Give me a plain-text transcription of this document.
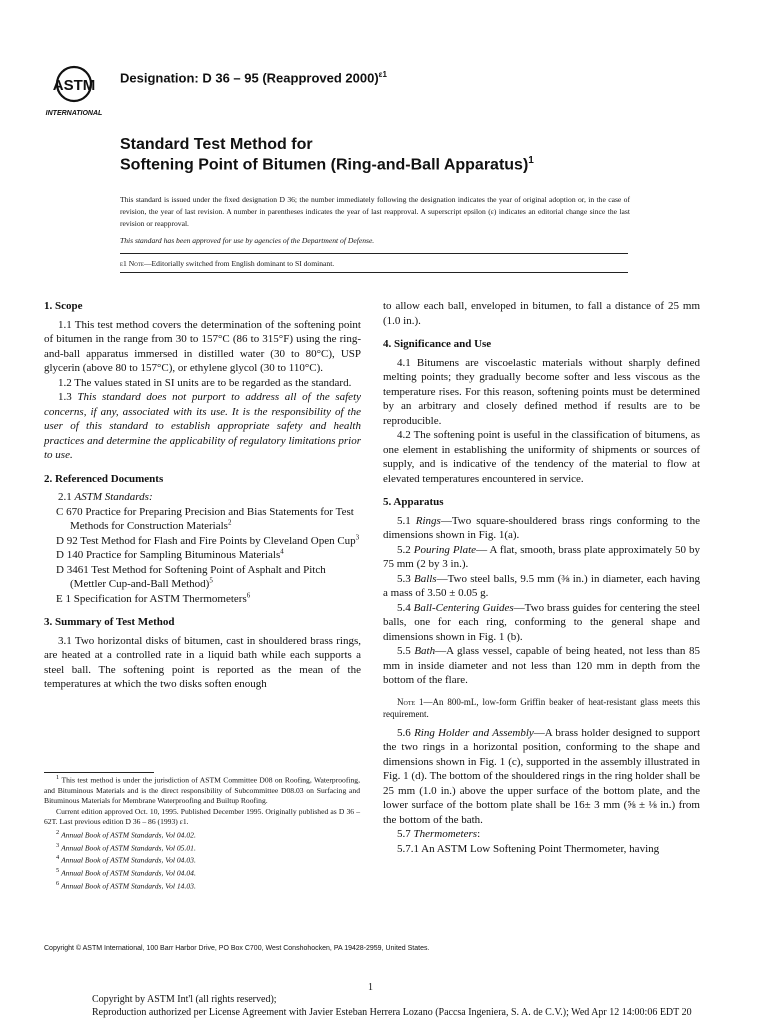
ASTM
INTERNATIONAL
Designation: D 36 – 95 (Reapproved 2000)$^{\varepsilon 1}$
Standard Test Method for
Softening Point of Bitumen (Ring-and-Ball Apparatus)$^1$
This standard is issued under the fixed designation D 36; the number immediately following the designation indicates the year of original adoption or, in the case of revision, the year of last revision. A number in parentheses indicates the year of last reapproval. A superscript epsilon (ε) indicates an editorial change since the last revision or reapproval.
This standard has been approved for use by agencies of the Department of Defense.
ε1 Note—Editorially switched from English dominant to SI dominant.
1. Scope

1.1 This test method covers the determination of the softening point of bitumen in the range from 30 to 157°C (86 to 315°F) using the ring-and-ball apparatus immersed in distilled water (30 to 80°C), USP glycerin (above 80 to 157°C), or ethylene glycol (30 to 110°C).

1.2 The values stated in SI units are to be regarded as the standard.

1.3 This standard does not purport to address all of the safety concerns, if any, associated with its use. It is the responsibility of the user of this standard to establish appropriate safety and health practices and determine the applicability of regulatory limitations prior to use.

2. Referenced Documents

2.1 ASTM Standards:

C 670 Practice for Preparing Precision and Bias Statements for Test Methods for Construction Materials$^2$

D 92 Test Method for Flash and Fire Points by Cleveland Open Cup$^3$

D 140 Practice for Sampling Bituminous Materials$^4$

D 3461 Test Method for Softening Point of Asphalt and Pitch (Mettler Cup-and-Ball Method)$^5$

E 1 Specification for ASTM Thermometers$^6$

3. Summary of Test Method

3.1 Two horizontal disks of bitumen, cast in shouldered brass rings, are heated at a controlled rate in a liquid bath while each supports a steel ball. The softening point is reported as the mean of the temperatures at which the two disks soften enough

to allow each ball, enveloped in bitumen, to fall a distance of 25 mm (1.0 in.).

4. Significance and Use

4.1 Bitumens are viscoelastic materials without sharply defined melting points; they gradually become softer and less viscous as the temperature rises. For this reason, softening points must be determined by an arbitrary and closely defined method if results are to be reproducible.

4.2 The softening point is useful in the classification of bitumens, as one element in establishing the uniformity of shipments or sources of supply, and is indicative of the tendency of the material to flow at elevated temperatures encountered in service.

5. Apparatus

5.1 Rings—Two square-shouldered brass rings conforming to the dimensions shown in Fig. 1(a).

5.2 Pouring Plate— A flat, smooth, brass plate approximately 50 by 75 mm (2 by 3 in.).

5.3 Balls—Two steel balls, 9.5 mm (⅜ in.) in diameter, each having a mass of 3.50 ± 0.05 g.

5.4 Ball-Centering Guides—Two brass guides for centering the steel balls, one for each ring, conforming to the general shape and dimensions shown in Fig. 1 (b).

5.5 Bath—A glass vessel, capable of being heated, not less than 85 mm in inside diameter and not less than 120 mm in depth from the bottom of the flare.

Note 1—An 800-mL, low-form Griffin beaker of heat-resistant glass meets this requirement.

5.6 Ring Holder and Assembly—A brass holder designed to support the two rings in a horizontal position, conforming to the shape and dimensions shown in Fig. 1 (c), supported in the assembly illustrated in Fig. 1 (d). The bottom of the shouldered rings in the ring holder shall be 25 mm (1.0 in.) above the upper surface of the bottom plate, and the lower surface of the bottom plate shall be 16± 3 mm (⅝ ± ⅛ in.) from the bottom of the bath.

5.7 Thermometers:

5.7.1 An ASTM Low Softening Point Thermometer, having

$^1$ This test method is under the jurisdiction of ASTM Committee D08 on Roofing, Waterproofing, and Bituminous Materials and is the direct responsibility of Subcommittee D08.03 on Surfacing and Bituminous Materials for Membrane Waterproofing and Builtup Roofing.

Current edition approved Oct. 10, 1995. Published December 1995. Originally published as D 36 – 62T. Last previous edition D 36 – 86 (1993) ε1.

$^2$ Annual Book of ASTM Standards, Vol 04.02.

$^3$ Annual Book of ASTM Standards, Vol 05.01.

$^4$ Annual Book of ASTM Standards, Vol 04.03.

$^5$ Annual Book of ASTM Standards, Vol 04.04.

$^6$ Annual Book of ASTM Standards, Vol 14.03.

Copyright © ASTM International, 100 Barr Harbor Drive, PO Box C700, West Conshohocken, PA 19428-2959, United States.
1
Copyright by ASTM Int'l (all rights reserved);
Reproduction authorized per License Agreement with Javier Esteban Herrera Lozano (Paccsa Ingeniera, S. A. de C.V.); Wed Apr 12 14:00:06 EDT 20
